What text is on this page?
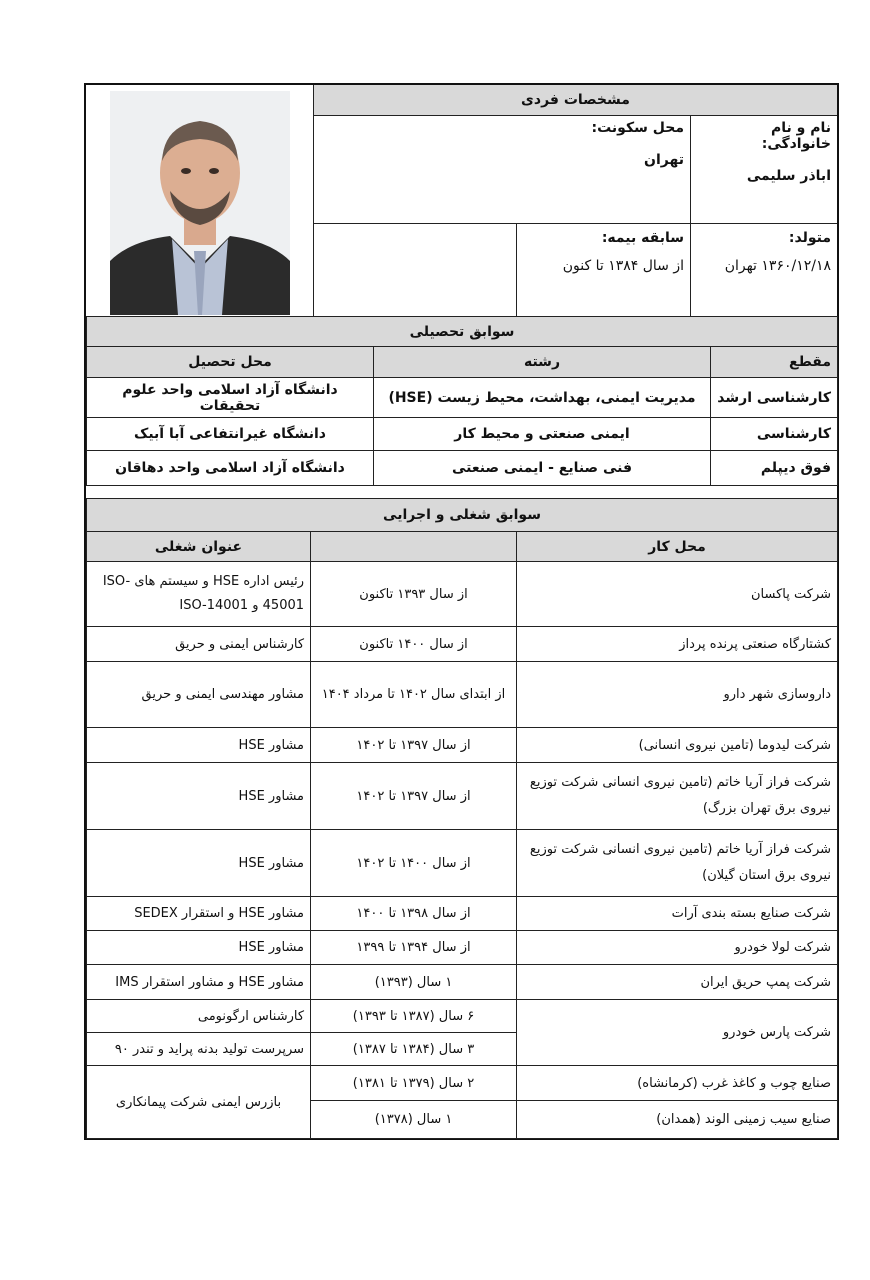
مشخصات فردی
نام و نام خانوادگی:
اباذر سلیمی
محل سکونت:
تهران
متولد:
۱۳۶۰/۱۲/۱۸ تهران
سابقه بیمه:
از سال ۱۳۸۴ تا کنون
سوابق تحصیلی		
مقطع	رشته	محل تحصیل
کارشناسی ارشد	مدیریت ایمنی، بهداشت، محیط زیست (HSE)	دانشگاه آزاد اسلامی واحد علوم تحقیقات
کارشناسی	ایمنی صنعتی و محیط کار	دانشگاه غیرانتفاعی آبا آبیک
فوق دیپلم	فنی صنایع - ایمنی صنعتی	دانشگاه آزاد اسلامی واحد دهاقان
سوابق شغلی و اجرایی		
محل کار		عنوان شغلی
شرکت پاکسان	از سال ۱۳۹۳ تاکنون	رئیس اداره HSE و سیستم های ISO-45001 و ISO-14001
کشتارگاه صنعتی پرنده پرداز	از سال ۱۴۰۰ تاکنون	کارشناس ایمنی و حریق
داروسازی شهر دارو	از ابتدای سال ۱۴۰۲ تا مرداد ۱۴۰۴	مشاور مهندسی ایمنی و حریق
شرکت لیدوما (تامین نیروی انسانی)	از سال ۱۳۹۷ تا ۱۴۰۲	مشاور HSE
شرکت فراز آریا خاتم (تامین نیروی انسانی شرکت توزیع نیروی برق تهران بزرگ)	از سال ۱۳۹۷ تا ۱۴۰۲	مشاور HSE
شرکت فراز آریا خاتم (تامین نیروی انسانی شرکت توزیع نیروی برق استان گیلان)	از سال ۱۴۰۰ تا ۱۴۰۲	مشاور HSE
شرکت صنایع بسته بندی آرات	از سال ۱۳۹۸ تا ۱۴۰۰	مشاور HSE و استقرار SEDEX
شرکت لولا خودرو	از سال ۱۳۹۴ تا ۱۳۹۹	مشاور HSE
شرکت پمپ حریق ایران	۱ سال (۱۳۹۳)	مشاور HSE و مشاور استقرار IMS
شرکت پارس خودرو	۶ سال (۱۳۸۷ تا ۱۳۹۳)	کارشناس ارگونومی
	۳ سال (۱۳۸۴ تا ۱۳۸۷)	سرپرست تولید بدنه پراید و تندر ۹۰
صنایع چوب و کاغذ غرب (کرمانشاه)	۲ سال (۱۳۷۹ تا ۱۳۸۱)	بازرس ایمنی شرکت پیمانکاری
صنایع سیب زمینی الوند (همدان)	۱ سال (۱۳۷۸)	
